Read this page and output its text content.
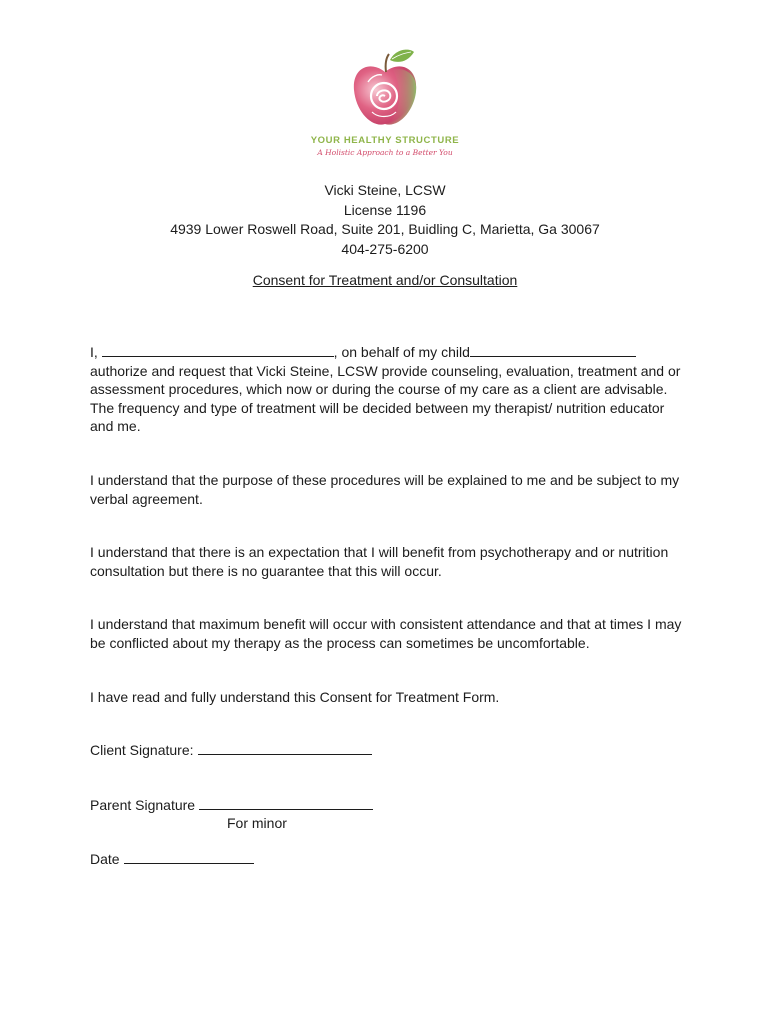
YOUR HEALTHY STRUCTURE
A Holistic Approach to a Better You
Vicki Steine, LCSW
License 1196
4939 Lower Roswell Road, Suite 201, Buidling C, Marietta, Ga 30067
404-275-6200
Consent for Treatment and/or Consultation

I,	, on behalf of my child authorize and request that Vicki Steine, LCSW provide counseling, evaluation, treatment and or assessment procedures, which now or during the course of my care as a client are advisable. The frequency and type of treatment will be decided between my therapist/ nutrition educator and me.

I understand that the purpose of these procedures will be explained to me and be subject to my verbal agreement.

I understand that there is an expectation that I will benefit from psychotherapy and or nutrition consultation but there is no guarantee that this will occur.

I understand that maximum benefit will occur with consistent attendance and that at times I may be conflicted about my therapy as the process can sometimes be uncomfortable.

I have read and fully understand this Consent for Treatment Form.

Client Signature:
Parent Signature
For minor
Date
